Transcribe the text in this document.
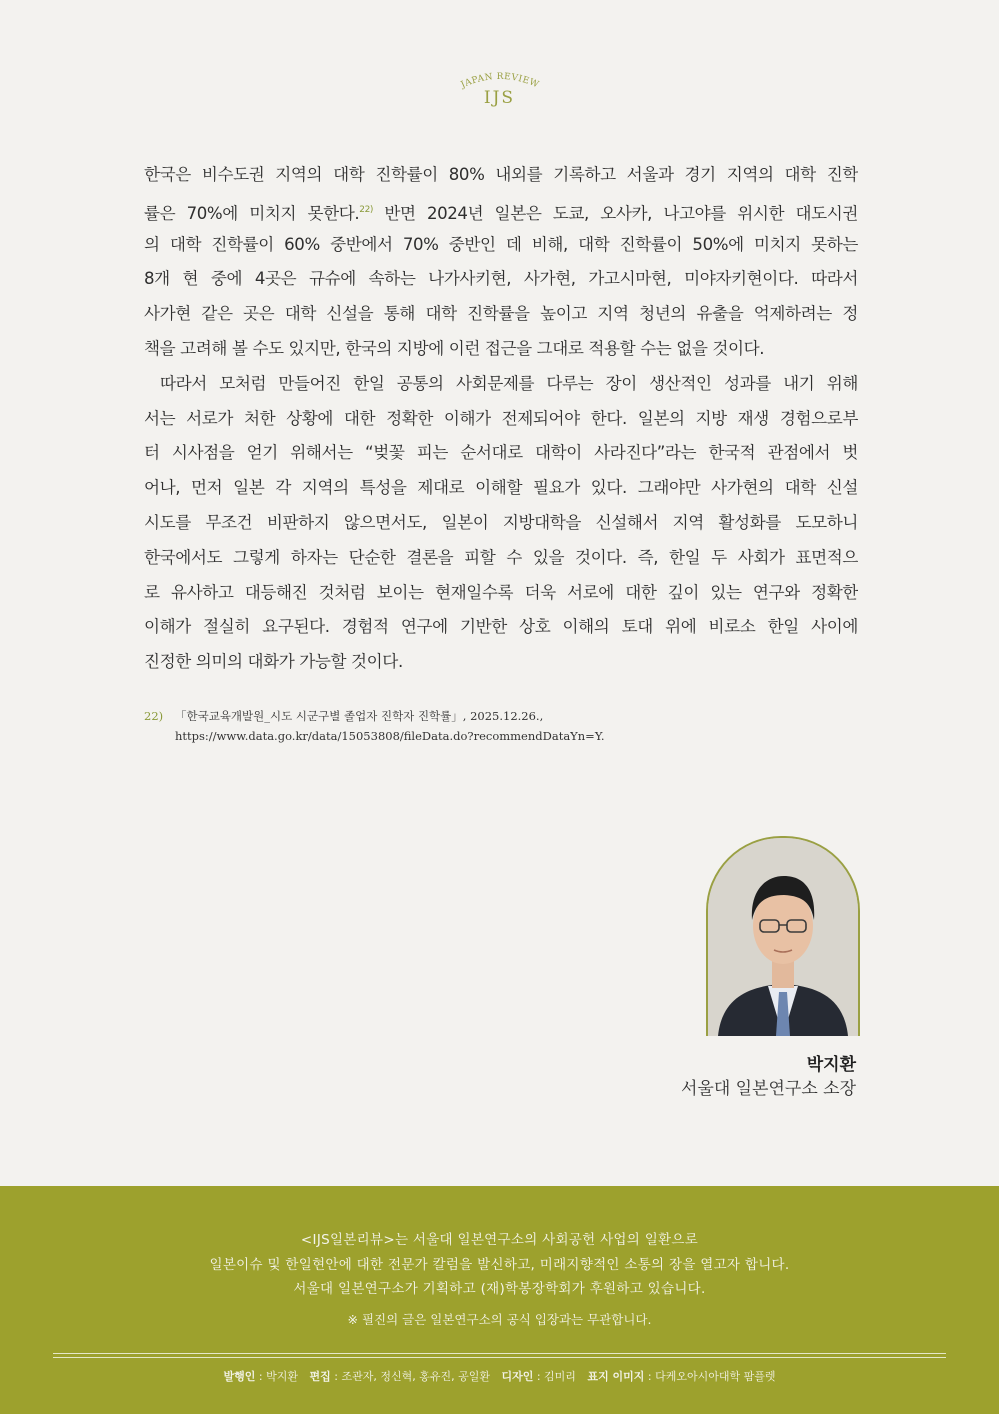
JAPAN REVIEW
IJS
한국은 비수도권 지역의 대학 진학률이 80% 내외를 기록하고 서울과 경기 지역의 대학 진학
률은 70%에 미치지 못한다.$^{22)}$ 반면 2024년 일본은 도쿄, 오사카, 나고야를 위시한 대도시권
의 대학 진학률이 60% 중반에서 70% 중반인 데 비해, 대학 진학률이 50%에 미치지 못하는
8개 현 중에 4곳은 규슈에 속하는 나가사키현, 사가현, 가고시마현, 미야자키현이다. 따라서
사가현 같은 곳은 대학 신설을 통해 대학 진학률을 높이고 지역 청년의 유출을 억제하려는 정
책을 고려해 볼 수도 있지만, 한국의 지방에 이런 접근을 그대로 적용할 수는 없을 것이다.
따라서 모처럼 만들어진 한일 공통의 사회문제를 다루는 장이 생산적인 성과를 내기 위해
서는 서로가 처한 상황에 대한 정확한 이해가 전제되어야 한다. 일본의 지방 재생 경험으로부
터 시사점을 얻기 위해서는 “벚꽃 피는 순서대로 대학이 사라진다”라는 한국적 관점에서 벗
어나, 먼저 일본 각 지역의 특성을 제대로 이해할 필요가 있다. 그래야만 사가현의 대학 신설
시도를 무조건 비판하지 않으면서도, 일본이 지방대학을 신설해서 지역 활성화를 도모하니
한국에서도 그렇게 하자는 단순한 결론을 피할 수 있을 것이다. 즉, 한일 두 사회가 표면적으
로 유사하고 대등해진 것처럼 보이는 현재일수록 더욱 서로에 대한 깊이 있는 연구와 정확한
이해가 절실히 요구된다. 경험적 연구에 기반한 상호 이해의 토대 위에 비로소 한일 사이에
진정한 의미의 대화가 가능할 것이다.
22) 「한국교육개발원_시도 시군구별 졸업자 진학자 진학률」, 2025.12.26.,
https://www.data.go.kr/data/15053808/fileData.do?recommendDataYn=Y.
박지환
서울대 일본연구소 소장
<IJS일본리뷰>는 서울대 일본연구소의 사회공헌 사업의 일환으로
일본이슈 및 한일현안에 대한 전문가 칼럼을 발신하고, 미래지향적인 소통의 장을 열고자 합니다.
서울대 일본연구소가 기획하고 (재)학봉장학회가 후원하고 있습니다.
※ 필진의 글은 일본연구소의 공식 입장과는 무관합니다.
발행인 : 박지환 편집 : 조관자, 정신혁, 홍유진, 공일환 디자인 : 김미리 표지 이미지 : 다케오아시아대학 팜플렛
